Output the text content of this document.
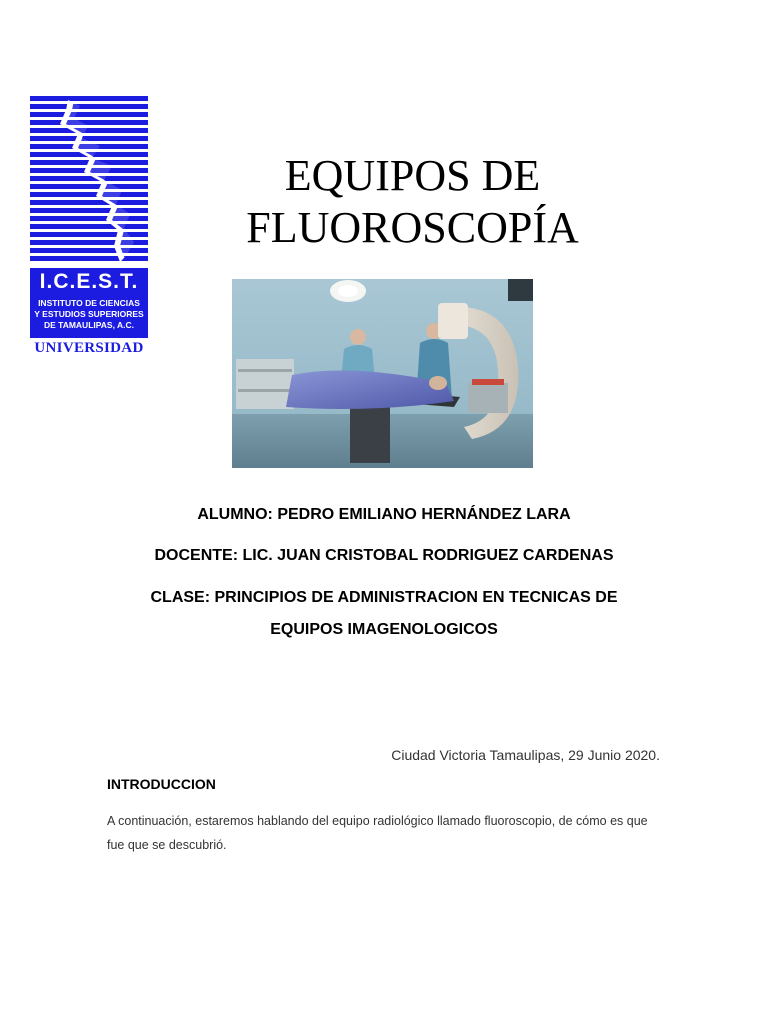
I.C.E.S.T.
INSTITUTO DE CIENCIAS
Y ESTUDIOS SUPERIORES
DE TAMAULIPAS, A.C.
UNIVERSIDAD
EQUIPOS DE
FLUOROSCOPÍA
ALUMNO: PEDRO EMILIANO HERNÁNDEZ LARA
DOCENTE: LIC. JUAN CRISTOBAL RODRIGUEZ CARDENAS
CLASE: PRINCIPIOS DE ADMINISTRACION EN TECNICAS DE
EQUIPOS IMAGENOLOGICOS
Ciudad Victoria Tamaulipas, 29 Junio 2020.
INTRODUCCION

A continuación, estaremos hablando del equipo radiológico llamado fluoroscopio, de cómo es que fue que se descubrió.
